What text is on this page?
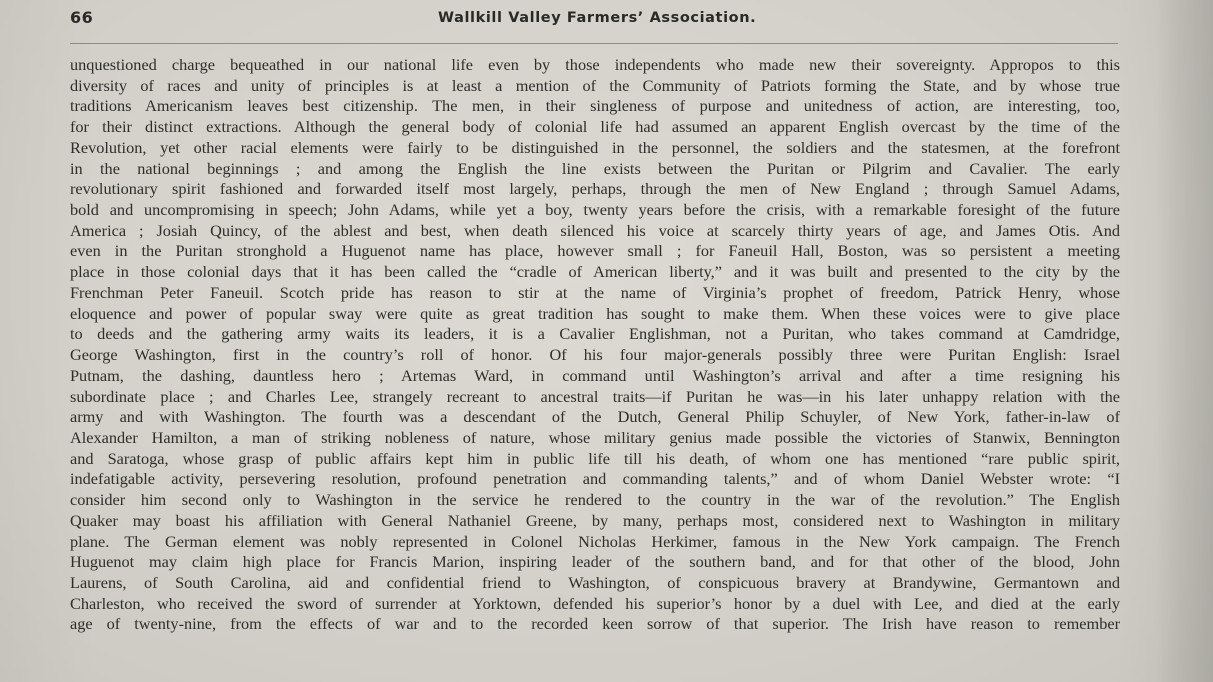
66	Wallkill Valley Farmers’ Association.
unquestioned charge bequeathed in our national life even by those independents who made new their sovereignty. Appropos to this
diversity of races and unity of principles is at least a mention of the Community of Patriots forming the State, and by whose true
traditions Americanism leaves best citizenship. The men, in their singleness of purpose and unitedness of action, are interesting, too,
for their distinct extractions. Although the general body of colonial life had assumed an apparent English overcast by the time of the
Revolution, yet other racial elements were fairly to be distinguished in the personnel, the soldiers and the statesmen, at the forefront
in the national beginnings ; and among the English the line exists between the Puritan or Pilgrim and Cavalier. The early
revolutionary spirit fashioned and forwarded itself most largely, perhaps, through the men of New England ; through Samuel Adams,
bold and uncompromising in speech; John Adams, while yet a boy, twenty years before the crisis, with a remarkable foresight of the future
America ; Josiah Quincy, of the ablest and best, when death silenced his voice at scarcely thirty years of age, and James Otis. And
even in the Puritan stronghold a Huguenot name has place, however small ; for Faneuil Hall, Boston, was so persistent a meeting
place in those colonial days that it has been called the “cradle of American liberty,” and it was built and presented to the city by the
Frenchman Peter Faneuil. Scotch pride has reason to stir at the name of Virginia’s prophet of freedom, Patrick Henry, whose
eloquence and power of popular sway were quite as great tradition has sought to make them. When these voices were to give place
to deeds and the gathering army waits its leaders, it is a Cavalier Englishman, not a Puritan, who takes command at Camdridge,
George Washington, first in the country’s roll of honor. Of his four major-generals possibly three were Puritan English: Israel
Putnam, the dashing, dauntless hero ; Artemas Ward, in command until Washington’s arrival and after a time resigning his
subordinate place ; and Charles Lee, strangely recreant to ancestral traits—if Puritan he was—in his later unhappy relation with the
army and with Washington. The fourth was a descendant of the Dutch, General Philip Schuyler, of New York, father-in-law of
Alexander Hamilton, a man of striking nobleness of nature, whose military genius made possible the victories of Stanwix, Bennington
and Saratoga, whose grasp of public affairs kept him in public life till his death, of whom one has mentioned “rare public spirit,
indefatigable activity, persevering resolution, profound penetration and commanding talents,” and of whom Daniel Webster wrote: “I
consider him second only to Washington in the service he rendered to the country in the war of the revolution.” The English
Quaker may boast his affiliation with General Nathaniel Greene, by many, perhaps most, considered next to Washington in military
plane. The German element was nobly represented in Colonel Nicholas Herkimer, famous in the New York campaign. The French
Huguenot may claim high place for Francis Marion, inspiring leader of the southern band, and for that other of the blood, John
Laurens, of South Carolina, aid and confidential friend to Washington, of conspicuous bravery at Brandywine, Germantown and
Charleston, who received the sword of surrender at Yorktown, defended his superior’s honor by a duel with Lee, and died at the early
age of twenty-nine, from the effects of war and to the recorded keen sorrow of that superior. The Irish have reason to remember
